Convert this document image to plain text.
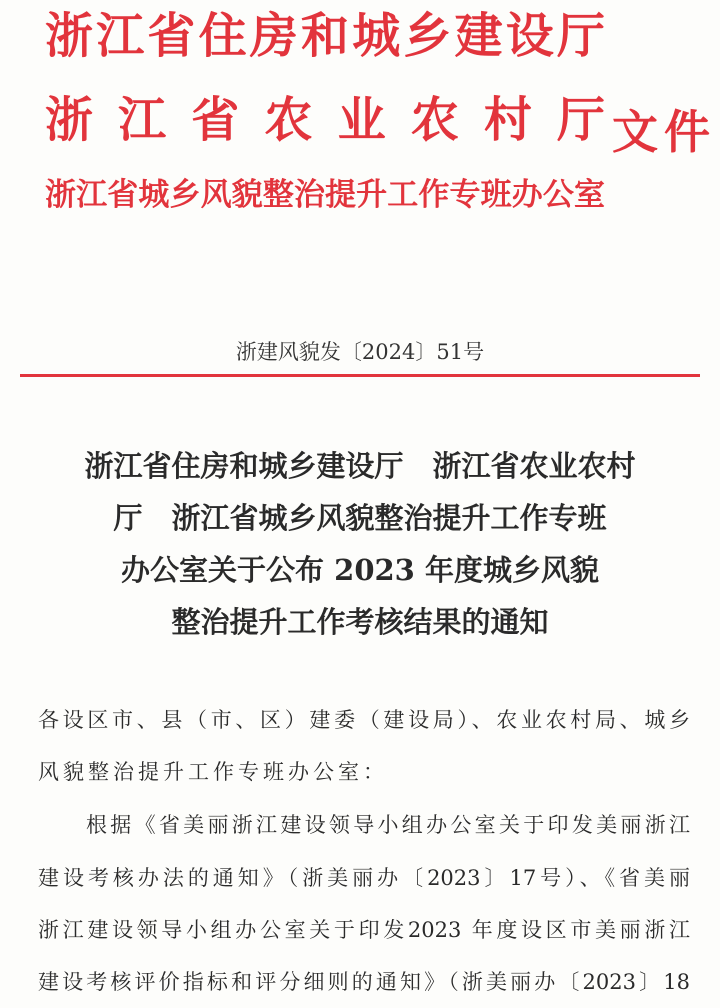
浙江省住房和城乡建设厅
浙江省农业农村厅
浙江省城乡风貌整治提升工作专班办公室
文件
浙建风貌发〔2024〕51号
浙江省住房和城乡建设厅　浙江省农业农村
厅　浙江省城乡风貌整治提升工作专班
办公室关于公布 2023 年度城乡风貌
整治提升工作考核结果的通知
各设区市、县（市、区）建委（建设局）、农业农村局、城乡
风貌整治提升工作专班办公室：
根据《省美丽浙江建设领导小组办公室关于印发美丽浙江
建设考核办法的通知》（浙美丽办〔2023〕17号）、《省美丽
浙江建设领导小组办公室关于印发2023 年度设区市美丽浙江
建设考核评价指标和评分细则的通知》（浙美丽办〔2023〕18
